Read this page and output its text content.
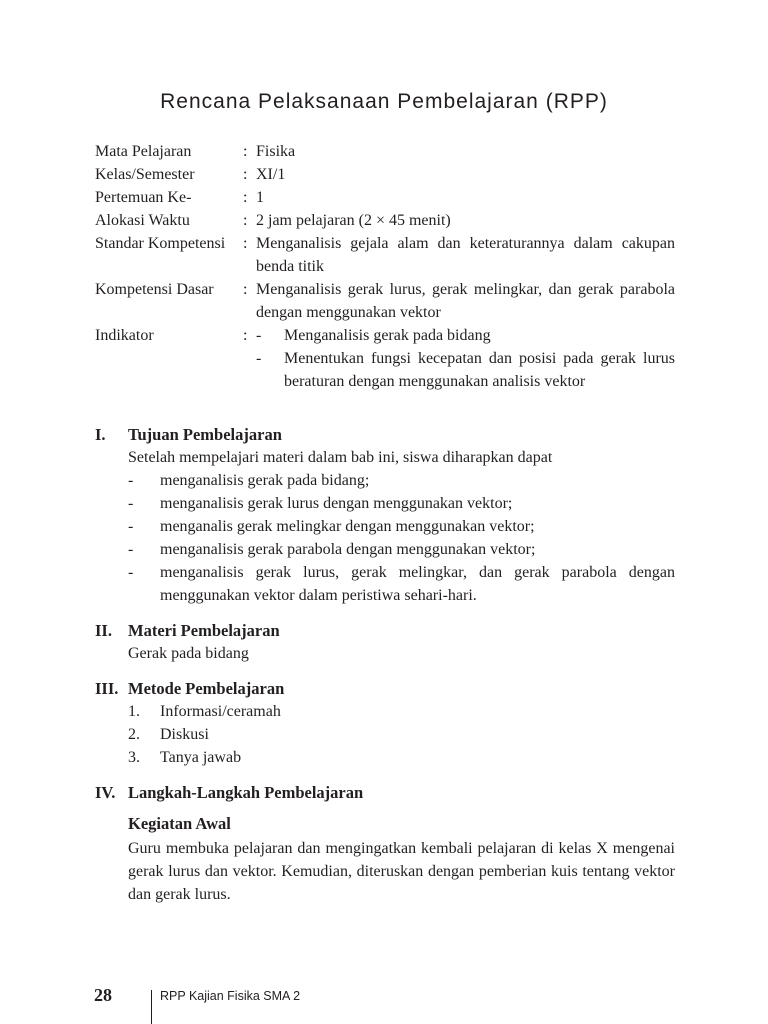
Rencana Pelaksanaan Pembelajaran (RPP)
Mata Pelajaran	: Fisika
Kelas/Semester	: XI/1
Pertemuan Ke-	: 1
Alokasi Waktu	: 2 jam pelajaran (2 × 45 menit)
Standar Kompetensi	: Menganalisis gejala alam dan keteraturannya dalam cakupan benda titik
Kompetensi Dasar	: Menganalisis gerak lurus, gerak melingkar, dan gerak parabola dengan menggunakan vektor
Indikator	: - Menganalisis gerak pada bidang
- Menentukan fungsi kecepatan dan posisi pada gerak lurus beraturan dengan menggunakan analisis vektor
I. Tujuan Pembelajaran

Setelah mempelajari materi dalam bab ini, siswa diharapkan dapat

- menganalisis gerak pada bidang;
- menganalisis gerak lurus dengan menggunakan vektor;
- menganalis gerak melingkar dengan menggunakan vektor;
- menganalisis gerak parabola dengan menggunakan vektor;
- menganalisis gerak lurus, gerak melingkar, dan gerak parabola dengan menggunakan vektor dalam peristiwa sehari-hari.
II. Materi Pembelajaran

Gerak pada bidang

III. Metode Pembelajaran
1. Informasi/ceramah
2. Diskusi
3. Tanya jawab
IV. Langkah-Langkah Pembelajaran
Kegiatan Awal

Guru membuka pelajaran dan mengingatkan kembali pelajaran di kelas X mengenai gerak lurus dan vektor. Kemudian, diteruskan dengan pemberian kuis tentang vektor dan gerak lurus.

28	RPP Kajian Fisika SMA 2
